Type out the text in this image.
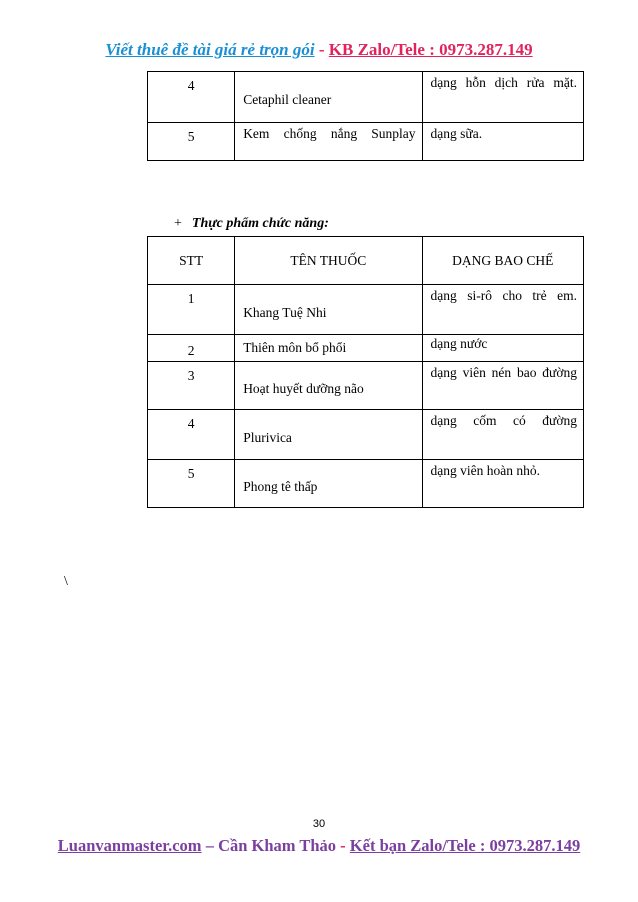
Viết thuê đề tài giá rẻ trọn gói - KB Zalo/Tele : 0973.287.149
4	Cetaphil cleaner	dạng hỗn dịch rửa mặt.
5	Kem chống nắng Sunplay	dạng sữa.
+ Thực phẩm chức năng:
STT	TÊN THUỐC	DẠNG BAO CHẾ
1	Khang Tuệ Nhi	dạng si-rô cho trẻ em.
2	Thiên môn bổ phổi	dạng nước
3	Hoạt huyết dưỡng não	dạng viên nén bao đường
4	Plurivica	dạng cốm có đường
5	Phong tê thấp	dạng viên hoàn nhỏ.
\
30
Luanvanmaster.com – Cần Kham Thảo - Kết bạn Zalo/Tele : 0973.287.149
